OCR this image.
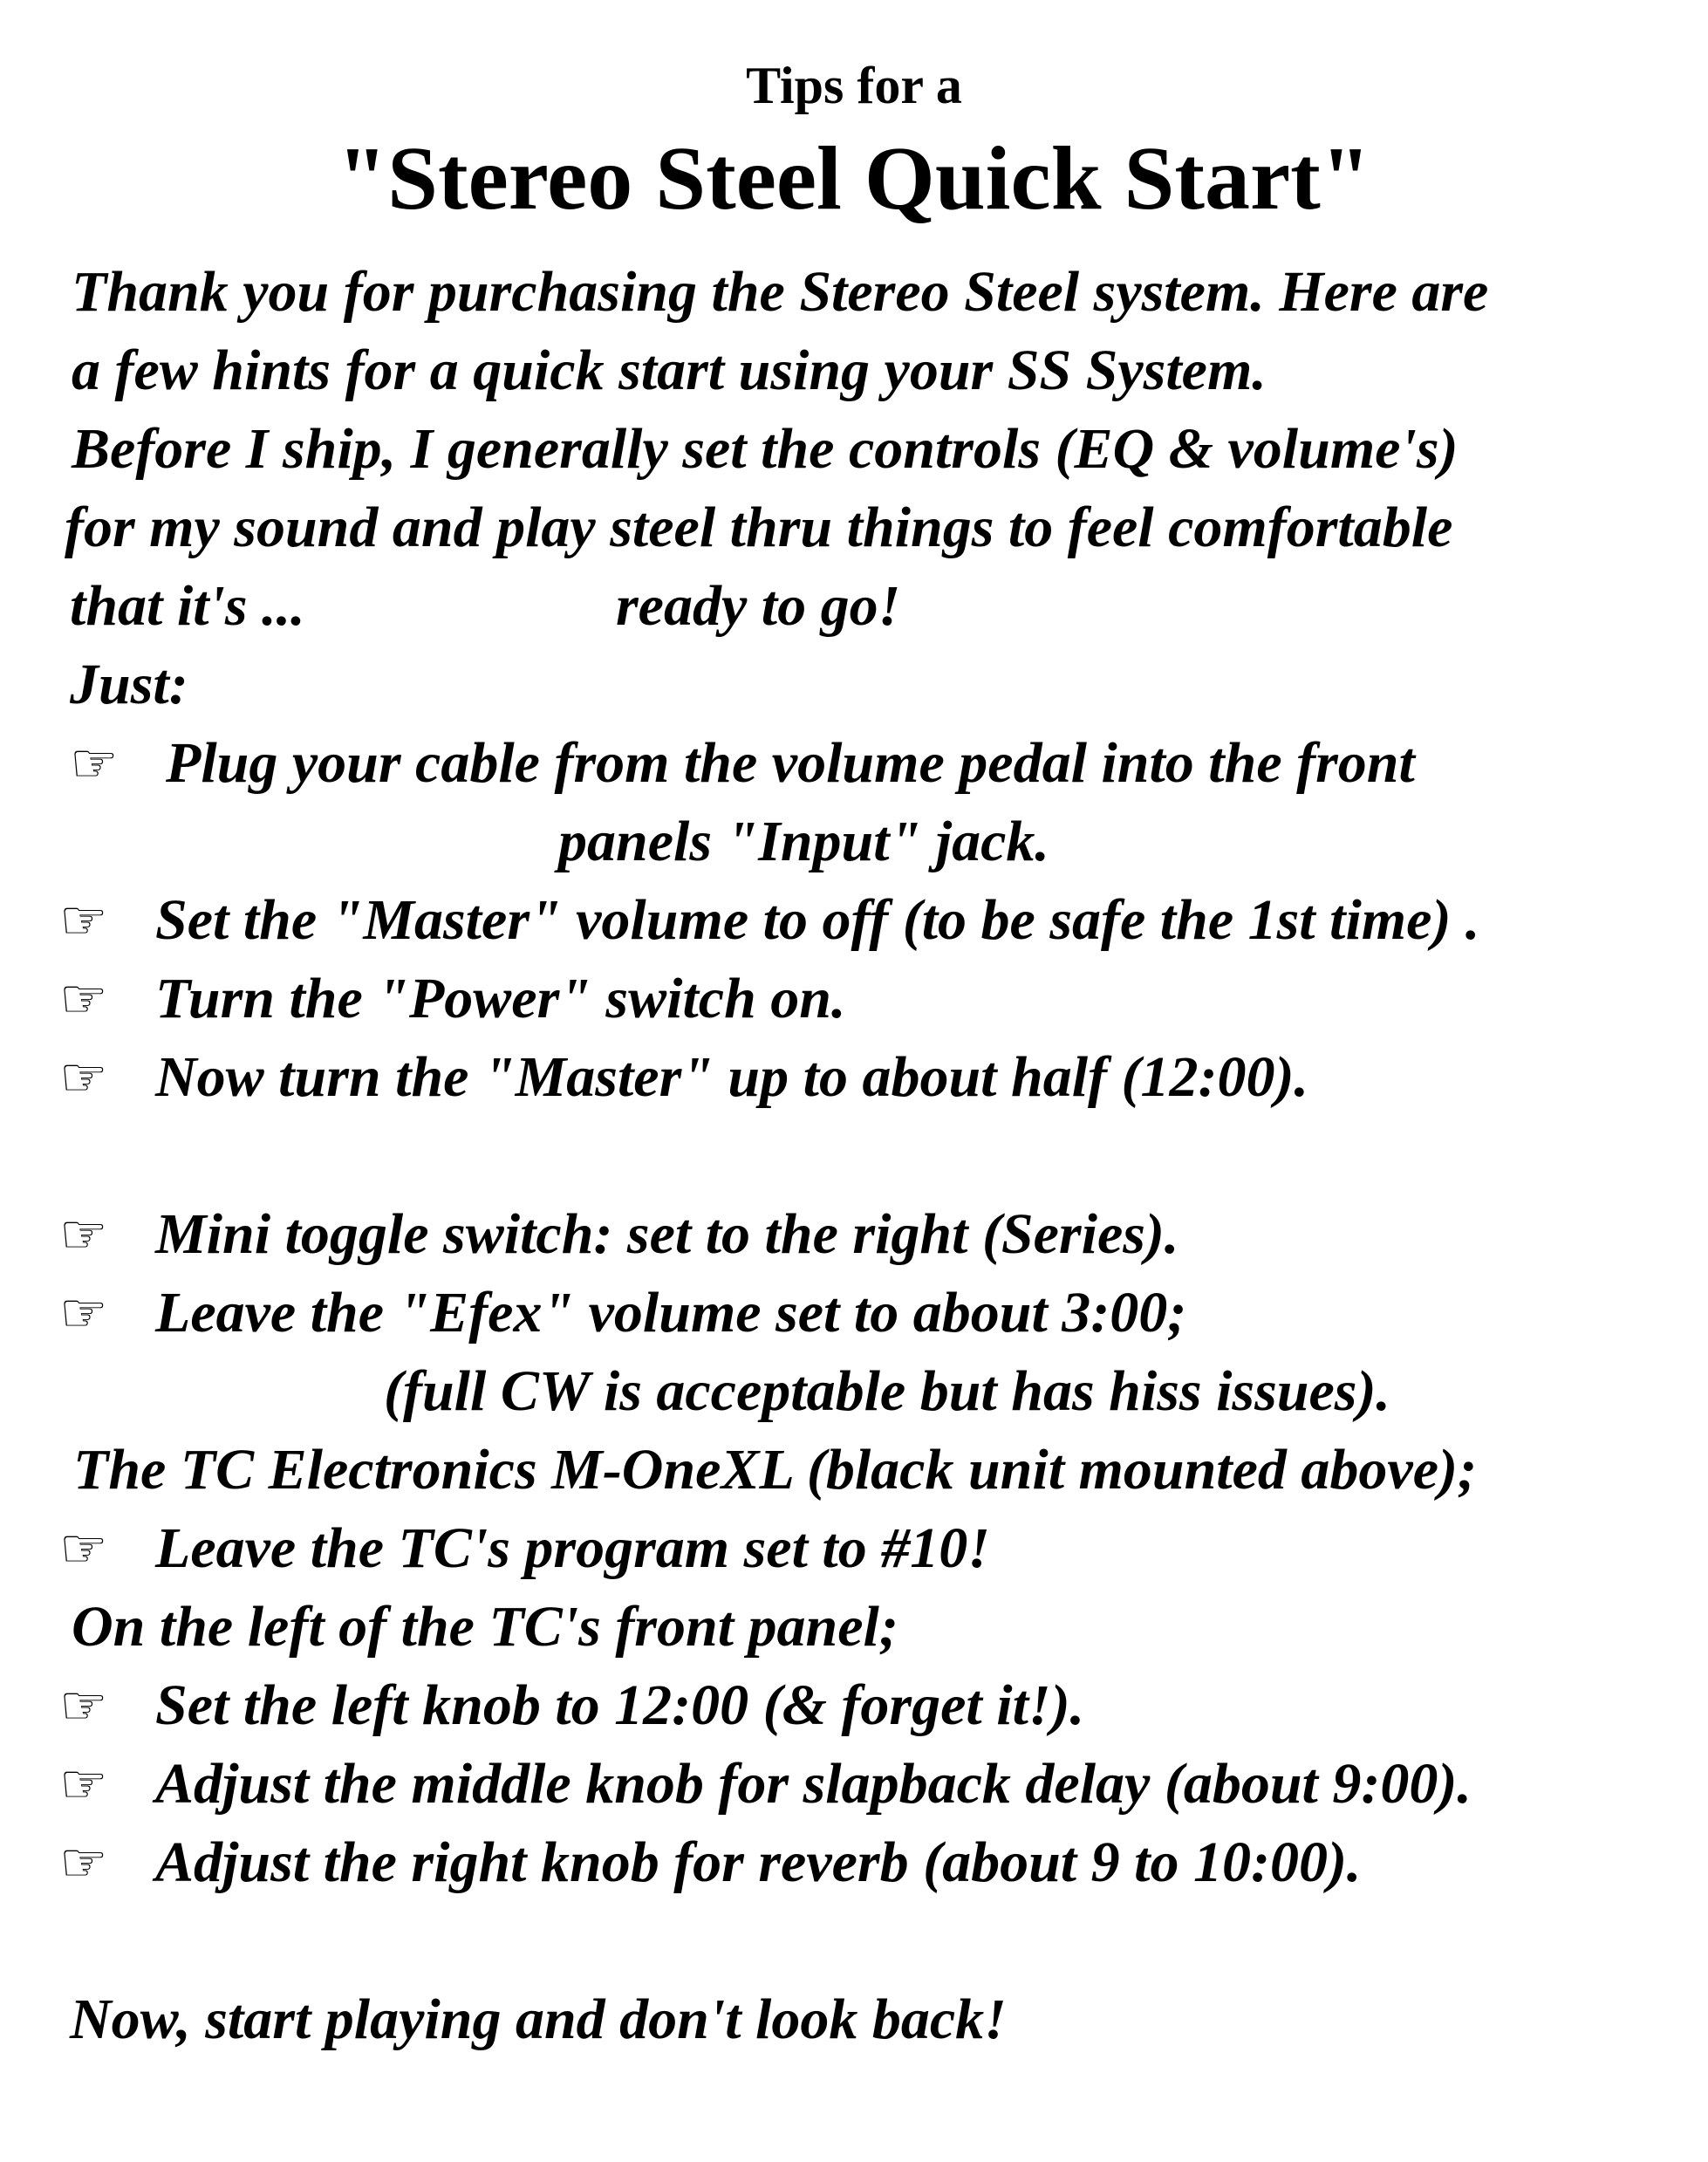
Tips for a
"Stereo Steel Quick Start"
Thank you for purchasing the Stereo Steel system. Here are
a few hints for a quick start using your SS System.
Before I ship, I generally set the controls (EQ & volume's)
for my sound and play steel thru things to feel comfortable
that it's ...	ready to go!
Just:
☞ Plug your cable from the volume pedal into the front
panels "Input" jack.
☞ Set the "Master" volume to off (to be safe the 1st time) .
☞ Turn the "Power" switch on.
☞ Now turn the "Master" up to about half (12:00).
☞ Mini toggle switch: set to the right (Series).
☞ Leave the "Efex" volume set to about 3:00;
(full CW is acceptable but has hiss issues).
The TC Electronics M-OneXL (black unit mounted above);
☞ Leave the TC's program set to #10!
On the left of the TC's front panel;
☞ Set the left knob to 12:00 (& forget it!).
☞ Adjust the middle knob for slapback delay (about 9:00).
☞ Adjust the right knob for reverb (about 9 to 10:00).
Now, start playing and don't look back!
